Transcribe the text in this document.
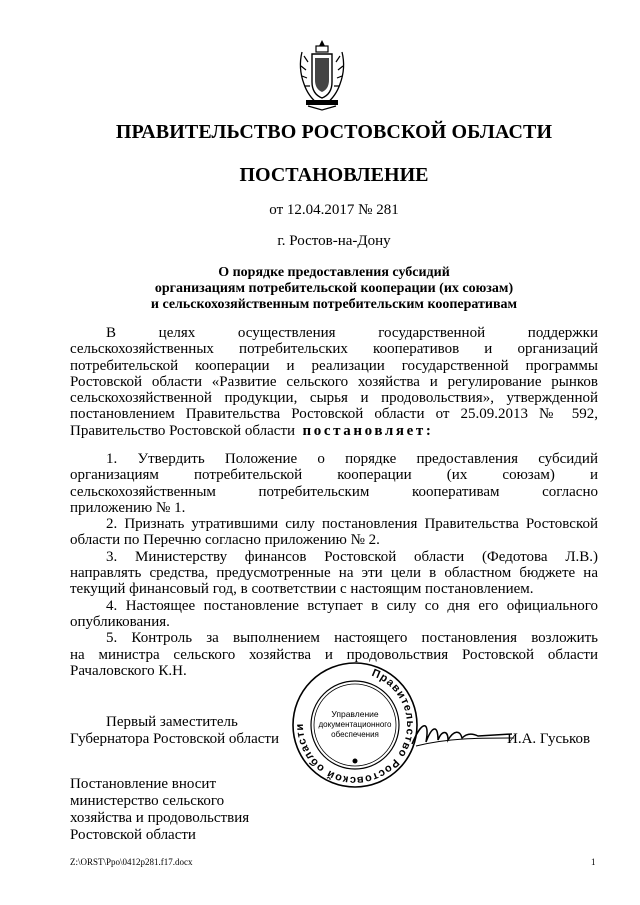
ПРАВИТЕЛЬСТВО РОСТОВСКОЙ ОБЛАСТИ
ПОСТАНОВЛЕНИЕ
от 12.04.2017 № 281
г. Ростов-на-Дону
О порядке предоставления субсидий
организациям потребительской кооперации (их союзам)
и сельскохозяйственным потребительским кооперативам
В целях осуществления государственной поддержки
сельскохозяйственных потребительских кооперативов и организаций
потребительской кооперации и реализации государственной программы
Ростовской области «Развитие сельского хозяйства и регулирование рынков
сельскохозяйственной продукции, сырья и продовольствия», утвержденной
постановлением Правительства Ростовской области от 25.09.2013 № 592,
Правительство Ростовской области постановляет:
1. Утвердить Положение о порядке предоставления субсидий
организациям потребительской кооперации (их союзам) и
сельскохозяйственным потребительским кооперативам согласно
приложению № 1.
2. Признать утратившими силу постановления Правительства Ростовской
области по Перечню согласно приложению № 2.
3. Министерству финансов Ростовской области (Федотова Л.В.)
направлять средства, предусмотренные на эти цели в областном бюджете на
текущий финансовый год, в соответствии с настоящим постановлением.
4. Настоящее постановление вступает в силу со дня его официального
опубликования.
5. Контроль за выполнением настоящего постановления возложить
на министра сельского хозяйства и продовольствия Ростовской области
Рачаловского К.Н.	Правительство Ростовской области
Управление
документационного
обеспечения
Первый заместитель
Губернатора Ростовской области	И.А. Гуськов
Постановление вносит
министерство сельского
хозяйства и продовольствия
Ростовской области
Z:\ORST\Ppo\0412p281.f17.docx	1
